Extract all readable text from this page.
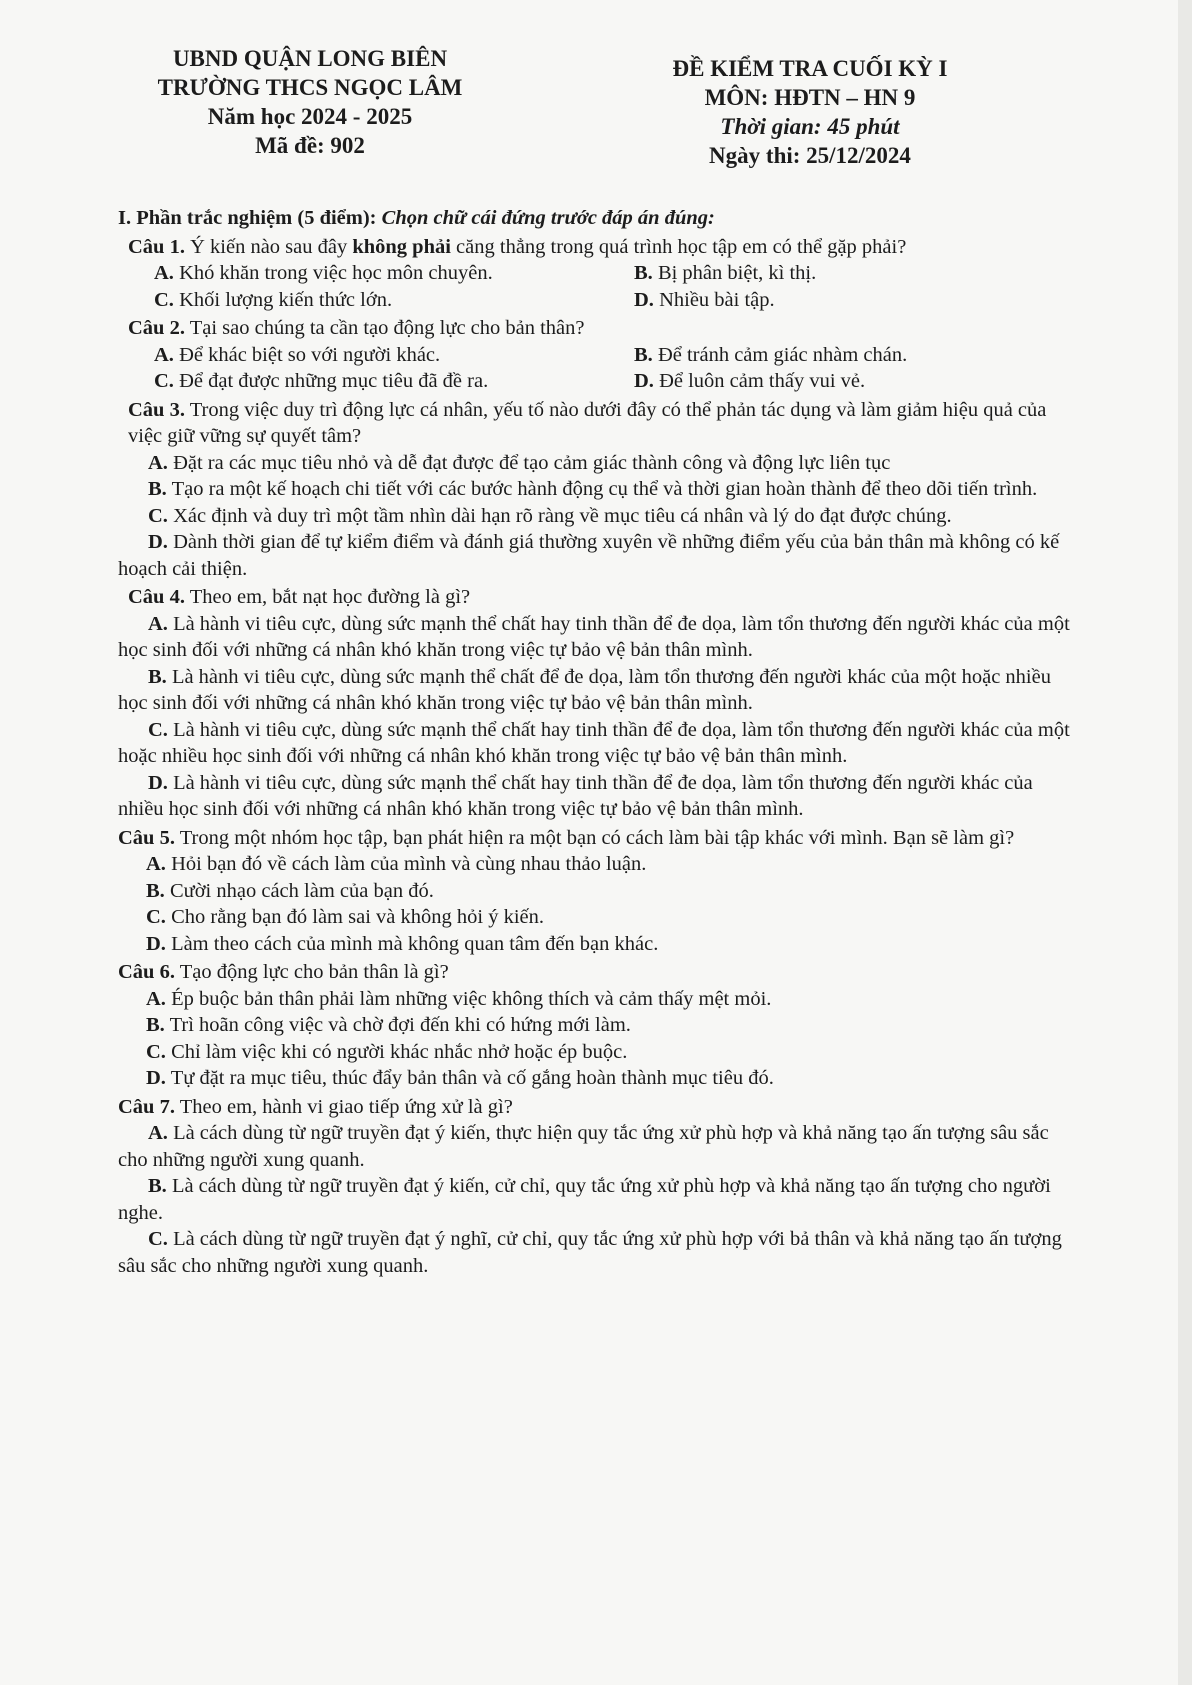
UBND QUẬN LONG BIÊN
TRƯỜNG THCS NGỌC LÂM
Năm học 2024 - 2025
Mã đề: 902
ĐỀ KIỂM TRA CUỐI KỲ I
MÔN: HĐTN – HN 9
Thời gian: 45 phút
Ngày thi: 25/12/2024
I. Phần trắc nghiệm (5 điểm): Chọn chữ cái đứng trước đáp án đúng:
Câu 1. Ý kiến nào sau đây không phải căng thẳng trong quá trình học tập em có thể gặp phải?
A. Khó khăn trong việc học môn chuyên.	B. Bị phân biệt, kì thị.
C. Khối lượng kiến thức lớn.	D. Nhiều bài tập.
Câu 2. Tại sao chúng ta cần tạo động lực cho bản thân?
A. Để khác biệt so với người khác.	B. Để tránh cảm giác nhàm chán.
C. Để đạt được những mục tiêu đã đề ra.	D. Để luôn cảm thấy vui vẻ.
Câu 3. Trong việc duy trì động lực cá nhân, yếu tố nào dưới đây có thể phản tác dụng và làm giảm hiệu quả của việc giữ vững sự quyết tâm?
A. Đặt ra các mục tiêu nhỏ và dễ đạt được để tạo cảm giác thành công và động lực liên tục
B. Tạo ra một kế hoạch chi tiết với các bước hành động cụ thể và thời gian hoàn thành để theo dõi tiến trình.
C. Xác định và duy trì một tầm nhìn dài hạn rõ ràng về mục tiêu cá nhân và lý do đạt được chúng.
D. Dành thời gian để tự kiểm điểm và đánh giá thường xuyên về những điểm yếu của bản thân mà không có kế hoạch cải thiện.
Câu 4. Theo em, bắt nạt học đường là gì?
A. Là hành vi tiêu cực, dùng sức mạnh thể chất hay tinh thần để đe dọa, làm tổn thương đến người khác của một học sinh đối với những cá nhân khó khăn trong việc tự bảo vệ bản thân mình.
B. Là hành vi tiêu cực, dùng sức mạnh thể chất để đe dọa, làm tổn thương đến người khác của một hoặc nhiều học sinh đối với những cá nhân khó khăn trong việc tự bảo vệ bản thân mình.
C. Là hành vi tiêu cực, dùng sức mạnh thể chất hay tinh thần để đe dọa, làm tổn thương đến người khác của một hoặc nhiều học sinh đối với những cá nhân khó khăn trong việc tự bảo vệ bản thân mình.
D. Là hành vi tiêu cực, dùng sức mạnh thể chất hay tinh thần để đe dọa, làm tổn thương đến người khác của nhiều học sinh đối với những cá nhân khó khăn trong việc tự bảo vệ bản thân mình.
Câu 5. Trong một nhóm học tập, bạn phát hiện ra một bạn có cách làm bài tập khác với mình. Bạn sẽ làm gì?
A. Hỏi bạn đó về cách làm của mình và cùng nhau thảo luận.
B. Cười nhạo cách làm của bạn đó.
C. Cho rằng bạn đó làm sai và không hỏi ý kiến.
D. Làm theo cách của mình mà không quan tâm đến bạn khác.
Câu 6. Tạo động lực cho bản thân là gì?
A. Ép buộc bản thân phải làm những việc không thích và cảm thấy mệt mỏi.
B. Trì hoãn công việc và chờ đợi đến khi có hứng mới làm.
C. Chỉ làm việc khi có người khác nhắc nhở hoặc ép buộc.
D. Tự đặt ra mục tiêu, thúc đẩy bản thân và cố gắng hoàn thành mục tiêu đó.
Câu 7. Theo em, hành vi giao tiếp ứng xử là gì?
A. Là cách dùng từ ngữ truyền đạt ý kiến, thực hiện quy tắc ứng xử phù hợp và khả năng tạo ấn tượng sâu sắc cho những người xung quanh.
B. Là cách dùng từ ngữ truyền đạt ý kiến, cử chỉ, quy tắc ứng xử phù hợp và khả năng tạo ấn tượng cho người nghe.
C. Là cách dùng từ ngữ truyền đạt ý nghĩ, cử chỉ, quy tắc ứng xử phù hợp với bả thân và khả năng tạo ấn tượng sâu sắc cho những người xung quanh.
